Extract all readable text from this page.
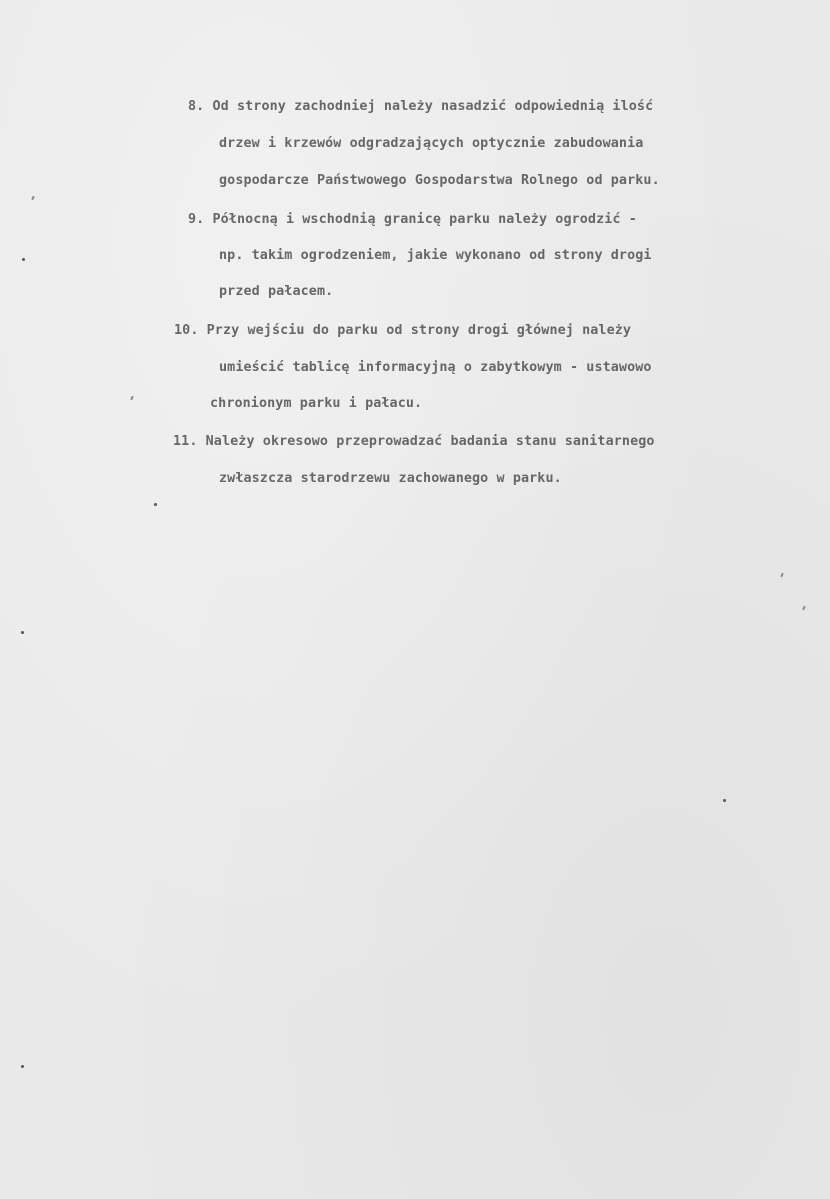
8. Od strony zachodniej należy nasadzić odpowiednią ilość
drzew i krzewów odgradzających optycznie zabudowania
gospodarcze Państwowego Gospodarstwa Rolnego od parku.
9. Północną i wschodnią granicę parku należy ogrodzić -
np. takim ogrodzeniem, jakie wykonano od strony drogi
przed pałacem.
10. Przy wejściu do parku od strony drogi głównej należy
umieścić tablicę informacyjną o zabytkowym - ustawowo
chronionym parku i pałacu.
11. Należy okresowo przeprowadzać badania stanu sanitarnego
zwłaszcza starodrzewu zachowanego w parku.
